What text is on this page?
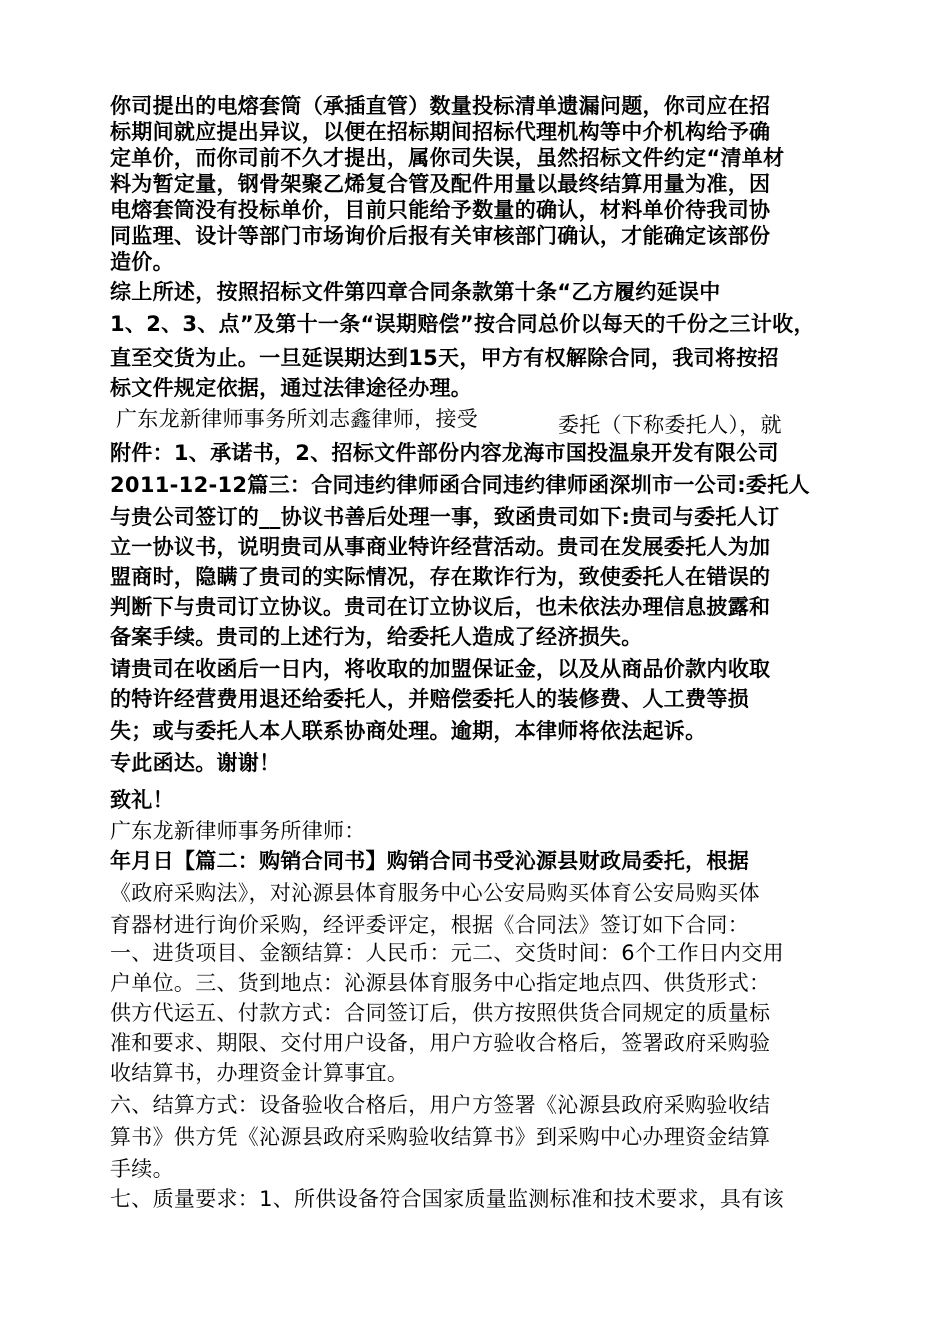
你司提出的电熔套筒（承插直管）数量投标清单遗漏问题，你司应在招

标期间就应提出异议，以便在招标期间招标代理机构等中介机构给予确

定单价，而你司前不久才提出，属你司失误，虽然招标文件约定“清单材

料为暂定量，钢骨架聚乙烯复合管及配件用量以最终结算用量为准，因

电熔套筒没有投标单价，目前只能给予数量的确认，材料单价待我司协

同监理、设计等部门市场询价后报有关审核部门确认，才能确定该部份

造价。

综上所述，按照招标文件第四章合同条款第十条“乙方履约延误中

1、2、3、点”及第十一条“误期赔偿”按合同总价以每天的千份之三计收，

直至交货为止。一旦延误期达到15天，甲方有权解除合同，我司将按招

标文件规定依据，通过法律途径办理。

广东龙新律师事务所刘志鑫律师，接受	委托（下称委托人），就

附件：1、承诺书，2、招标文件部份内容龙海市国投温泉开发有限公司

2011-12-12篇三：合同违约律师函合同违约律师函深圳市一公司:委托人

与贵公司签订的__协议书善后处理一事，致函贵司如下:贵司与委托人订

立一协议书，说明贵司从事商业特许经营活动。贵司在发展委托人为加

盟商时，隐瞒了贵司的实际情况，存在欺诈行为，致使委托人在错误的

判断下与贵司订立协议。贵司在订立协议后，也未依法办理信息披露和

备案手续。贵司的上述行为，给委托人造成了经济损失。

请贵司在收函后一日内，将收取的加盟保证金，以及从商品价款内收取

的特许经营费用退还给委托人，并赔偿委托人的装修费、人工费等损

失；或与委托人本人联系协商处理。逾期，本律师将依法起诉。

专此函达。谢谢！

致礼！

广东龙新律师事务所律师：

年月日【篇二：购销合同书】购销合同书受沁源县财政局委托，根据

《政府采购法》，对沁源县体育服务中心公安局购买体育公安局购买体

育器材进行询价采购，经评委评定，根据《合同法》签订如下合同：

一、进货项目、金额结算：人民币：元二、交货时间：6个工作日内交用

户单位。三、货到地点：沁源县体育服务中心指定地点四、供货形式：

供方代运五、付款方式：合同签订后，供方按照供货合同规定的质量标

准和要求、期限、交付用户设备，用户方验收合格后，签署政府采购验

收结算书，办理资金计算事宜。

六、结算方式：设备验收合格后，用户方签署《沁源县政府采购验收结

算书》供方凭《沁源县政府采购验收结算书》到采购中心办理资金结算

手续。

七、质量要求：1、所供设备符合国家质量监测标准和技术要求，具有该
